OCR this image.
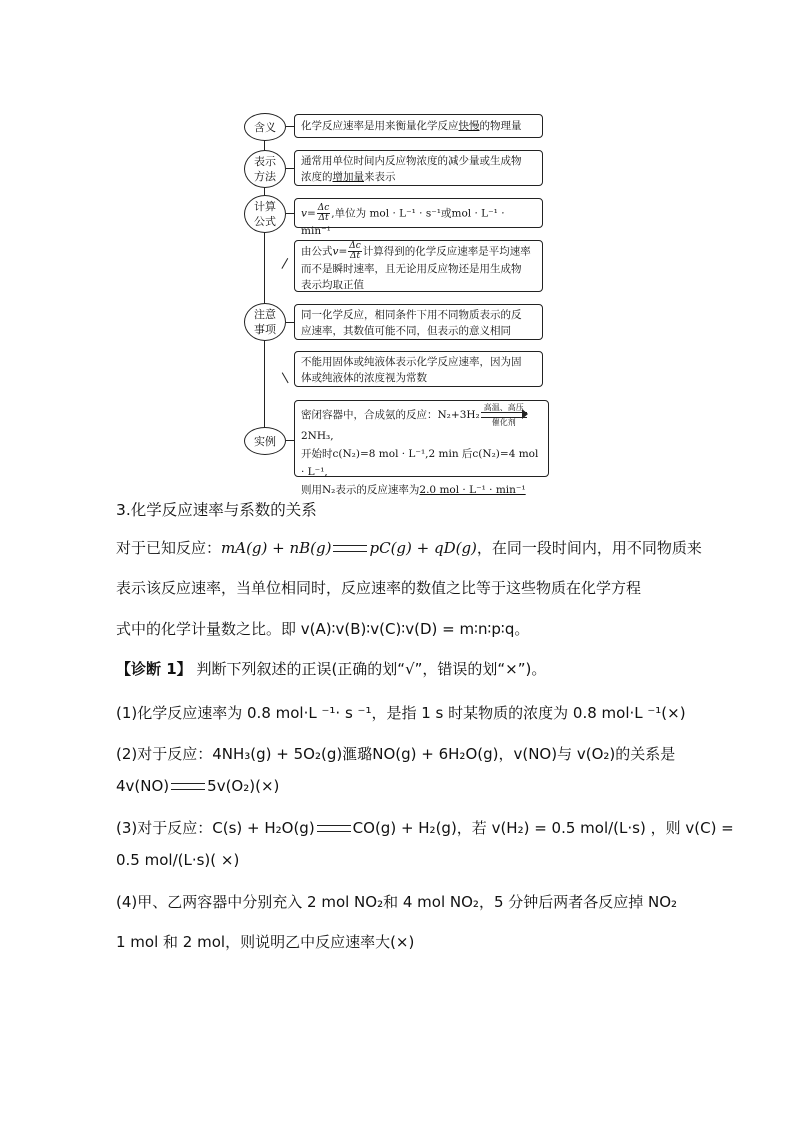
含义
表示
方法
计算
公式
注意
事项
实例
化学反应速率是用来衡量化学反应快慢的物理量
通常用单位时间内反应物浓度的减少量或生成物
浓度的增加量来表示
$v= \frac{\Delta c}{\Delta t}$ ,单位为 mol · L⁻¹ · s⁻¹或mol · L⁻¹ · min⁻¹
由公式$v= \frac{\Delta c}{\Delta t}$ 计算得到的化学反应速率是平均速率
而不是瞬时速率，且无论用反应物还是用生成物
表示均取正值
同一化学反应，相同条件下用不同物质表示的反
应速率，其数值可能不同，但表示的意义相同
不能用固体或纯液体表示化学反应速率，因为固
体或纯液体的浓度视为常数
密闭容器中，合成氨的反应：N₂+3H₂
高温、高压
催化剂
2NH₃,
开始时c(N₂)=8 mol · L⁻¹,2 min 后c(N₂)=4 mol · L⁻¹,
则用N₂表示的反应速率为2.0 mol · L⁻¹ · min⁻¹
3.化学反应速率与系数的关系
对于已知反应：mA(g) + nB(g)	pC(g) + qD(g)，在同一段时间内，用不同物质来
表示该反应速率，当单位相同时，反应速率的数值之比等于这些物质在化学方程
式中的化学计量数之比。即 v(A)∶v(B)∶v(C)∶v(D) = m∶n∶p∶q。
【诊断 1】 判断下列叙述的正误(正确的划“√”，错误的划“×”)。
(1)化学反应速率为 0.8 mol·L ⁻¹· s ⁻¹，是指 1 s 时某物质的浓度为 0.8 mol·L ⁻¹(×)
(2)对于反应：4NH₃(g) + 5O₂(g)滙璐NO(g) + 6H₂O(g)，v(NO)与 v(O₂)的关系是
4v(NO)	5v(O₂)(×)
(3)对于反应：C(s) + H₂O(g)	CO(g) + H₂(g)，若 v(H₂) = 0.5 mol/(L·s) ，则 v(C) =
0.5 mol/(L·s)( ×)
(4)甲、乙两容器中分别充入 2 mol NO₂和 4 mol NO₂，5 分钟后两者各反应掉 NO₂
1 mol 和 2 mol，则说明乙中反应速率大(×)
